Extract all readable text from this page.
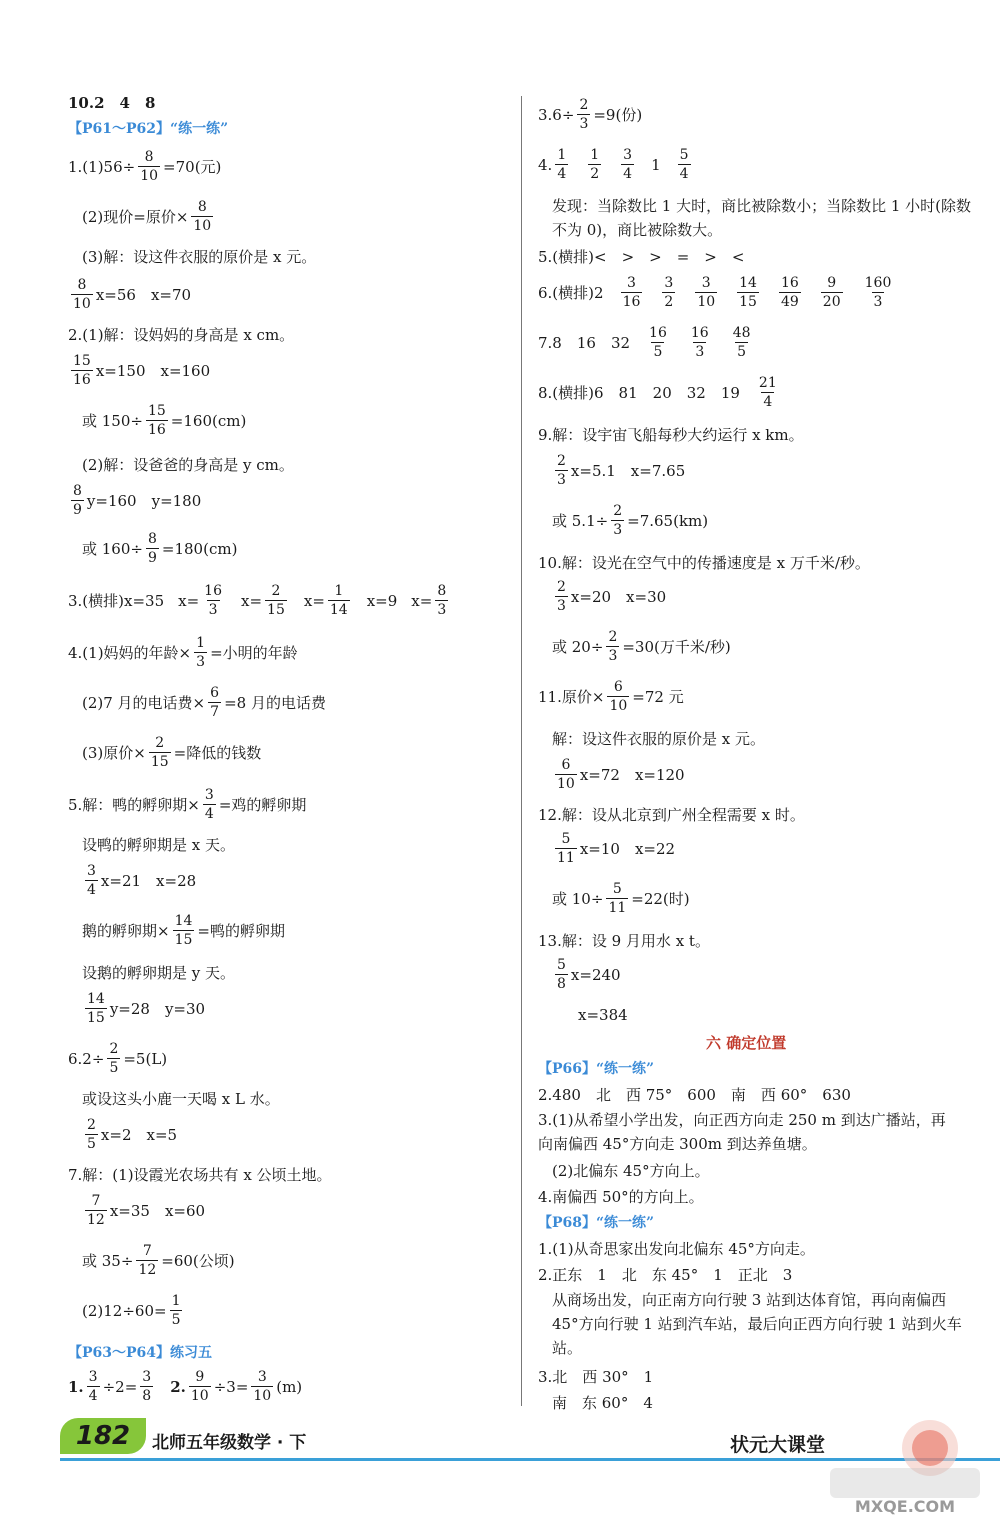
10.2　4　8
【P61～P62】“练一练”
$1.(1)56\div \frac{8}{10} =70$(元)
(2)现价=原价× $\frac{8}{10}$
(3)解：设这件衣服的原价是 x 元。
$\frac{8}{10} x=56$　x=70
2.(1)解：设妈妈的身高是 x cm。
$\frac{15}{16} x=150$　x=160
或 $150\div \frac{15}{16} =160(cm)$
(2)解：设爸爸的身高是 y cm。
$\frac{8}{9} y=160$　y=180
或 $160\div \frac{8}{9} =180(cm)$
3.(横排)x=35 $x= \frac{16}{3} x= \frac{2}{15} x= \frac{1}{14} x=9$ $x= \frac{8}{3}$
4.(1)妈妈的年龄× $\frac{1}{3}$ =小明的年龄
(2)7 月的电话费× $\frac{6}{7} =8$ 月的电话费
(3)原价× $\frac{2}{15}$ =降低的钱数
5.解：鸭的孵卵期× $\frac{3}{4}$ =鸡的孵卵期
设鸭的孵卵期是 x 天。
$\frac{3}{4} x=21$　x=28
鹅的孵卵期× $\frac{14}{15}$ =鸭的孵卵期
设鹅的孵卵期是 y 天。
$\frac{14}{15} y=28$　y=30
$6.2\div \frac{2}{5} =5(L)$
或设这头小鹿一天喝 x L 水。
$\frac{2}{5} x=2$　x=5
7.解：(1)设霞光农场共有 x 公顷土地。
$\frac{7}{12} x=35$　x=60
或 $35\div \frac{7}{12} =60$(公顷)
$(2)12\div 60= \frac{1}{5}$
【P63～P64】练习五
1. $\frac{3}{4} \div 2= \frac{3}{8} 2$. $\frac{9}{10} \div 3= \frac{3}{10} (m)$
$3.6\div \frac{2}{3} =9$(份)
4. $\frac{1}{4} \frac{1}{2} \frac{3}{4} 1 \frac{5}{4}$
发现：当除数比 1 大时，商比被除数小；当除数比 1 小时(除数不为 0)，商比被除数大。
5.(横排)<　>　>　=　>　<
6.(横排)$2 \frac{3}{16} \frac{3}{2} \frac{3}{10} \frac{14}{15} \frac{16}{49} \frac{9}{20} \frac{160}{3}$
7.8　16　$32 \frac{16}{5} \frac{16}{3} \frac{48}{5}$
8.(横排)6　81　20　32　$19 \frac{21}{4}$
9.解：设宇宙飞船每秒大约运行 x km。
$\frac{2}{3} x=5.1$　x=7.65
或 $5.1\div \frac{2}{3} =7.65(km)$
10.解：设光在空气中的传播速度是 x 万千米/秒。
$\frac{2}{3} x=20$　x=30
或 $20\div \frac{2}{3} =30$(万千米/秒)
11.原价× $\frac{6}{10} =72$ 元
解：设这件衣服的原价是 x 元。
$\frac{6}{10} x=72$　x=120
12.解：设从北京到广州全程需要 x 时。
$\frac{5}{11} x=10$　x=22
或 $10\div \frac{5}{11} =22$(时)
13.解：设 9 月用水 x t。
$\frac{5}{8} x=240$
x=384
【P66】“练一练”
2.480　北　西 75°　600　南　西 60°　630
3.(1)从希望小学出发，向正西方向走 250 m 到达广播站，再向南偏西 45°方向走 300m 到达养鱼塘。
(2)北偏东 45°方向上。
4.南偏西 50°的方向上。
【P68】“练一练”
1.(1)从奇思家出发向北偏东 45°方向走。
2.正东　1　北　东 45°　1　正北　3
从商场出发，向正南方向行驶 3 站到达体育馆，再向南偏西 45°方向行驶 1 站到汽车站，最后向正西方向行驶 1 站到火车站。
3.北　西 30°　1
南　东 60°　4
六 确定位置
182	北师五年级数学 · 下	状元大课堂
MXQE.COM
